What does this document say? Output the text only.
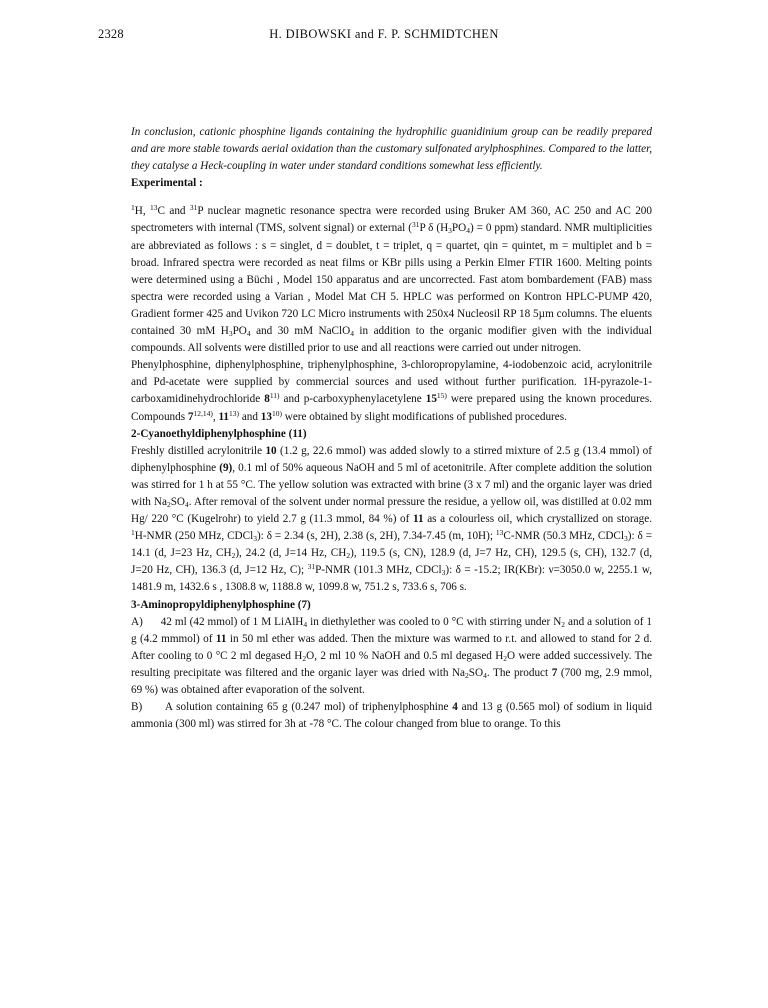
2328	H. DIBOWSKI and F. P. SCHMIDTCHEN

In conclusion, cationic phosphine ligands containing the hydrophilic guanidinium group can be readily prepared and are more stable towards aerial oxidation than the customary sulfonated arylphosphines. Compared to the latter, they catalyse a Heck-coupling in water under standard conditions somewhat less efficiently.

Experimental :

$^1$H, $^{13}$C and $^{31}$P nuclear magnetic resonance spectra were recorded using Bruker AM 360, AC 250 and AC 200 spectrometers with internal (TMS, solvent signal) or external ($^{31}$P δ $(H_3PO_4) = 0$ ppm) standard. NMR multiplicities are abbreviated as follows : s = singlet, d = doublet, t = triplet, q = quartet, qin = quintet, m = multiplet and b = broad. Infrared spectra were recorded as neat films or KBr pills using a Perkin Elmer FTIR 1600. Melting points were determined using a Büchi , Model 150 apparatus and are uncorrected. Fast atom bombardement (FAB) mass spectra were recorded using a Varian , Model Mat CH 5. HPLC was performed on Kontron HPLC-PUMP 420, Gradient former 425 and Uvikon 720 LC Micro instruments with 250x4 Nucleosil RP 18 5µm columns. The eluents contained 30 mM $H_3PO_4$ and 30 mM NaClO$_4$ in addition to the organic modifier given with the individual compounds. All solvents were distilled prior to use and all reactions were carried out under nitrogen.

Phenylphosphine, diphenylphosphine, triphenylphosphine, 3-chloropropylamine, 4-iodobenzoic acid, acrylonitrile and Pd-acetate were supplied by commercial sources and used without further purification. 1H-pyrazole-1-carboxamidinehydrochloride 8$^{11)}$ and p-carboxyphenylacetylene 15$^{15)}$ were prepared using the known procedures. Compounds 7$^{12,14)}$, 11$^{13)}$ and 13$^{10)}$ were obtained by slight modifications of published procedures.

2-Cyanoethyldiphenylphosphine (11)

Freshly distilled acrylonitrile 10 (1.2 g, 22.6 mmol) was added slowly to a stirred mixture of 2.5 g (13.4 mmol) of diphenylphosphine (9), 0.1 ml of 50% aqueous NaOH and 5 ml of acetonitrile. After complete addition the solution was stirred for 1 h at 55 °C. The yellow solution was extracted with brine (3 x 7 ml) and the organic layer was dried with $Na_2SO_4$. After removal of the solvent under normal pressure the residue, a yellow oil, was distilled at 0.02 mm Hg/ 220 °C (Kugelrohr) to yield 2.7 g (11.3 mmol, 84 %) of 11 as a colourless oil, which crystallized on storage. $^1$H-NMR (250 MHz, CDCl$_3$): δ = 2.34 (s, 2H), 2.38 (s, 2H), 7.34-7.45 (m, 10H); $^{13}$C-NMR (50.3 MHz, CDCl$_3$): δ = 14.1 (d, J=23 Hz, $CH_2$), 24.2 (d, J=14 Hz, $CH_2$), 119.5 (s, CN), 128.9 (d, J=7 Hz, CH), 129.5 (s, CH), 132.7 (d, J=20 Hz, CH), 136.3 (d, J=12 Hz, C); $^{31}$P-NMR (101.3 MHz, CDCl$_3$): δ = -15.2; IR(KBr): ν=3050.0 w, 2255.1 w, 1481.9 m, 1432.6 s , 1308.8 w, 1188.8 w, 1099.8 w, 751.2 s, 733.6 s, 706 s.

3-Aminopropyldiphenylphosphine (7)

A) 42 ml (42 mmol) of 1 M LiAlH$_4$ in diethylether was cooled to 0 °C with stirring under $N_2$ and a solution of 1 g (4.2 mmmol) of 11 in 50 ml ether was added. Then the mixture was warmed to r.t. and allowed to stand for 2 d. After cooling to 0 °C 2 ml degased $H_2O$, 2 ml 10 % NaOH and 0.5 ml degased $H_2O$ were added successively. The resulting precipitate was filtered and the organic layer was dried with $Na_2SO_4$. The product 7 (700 mg, 2.9 mmol, 69 %) was obtained after evaporation of the solvent.

B) A solution containing 65 g (0.247 mol) of triphenylphosphine 4 and 13 g (0.565 mol) of sodium in liquid ammonia (300 ml) was stirred for 3h at -78 °C. The colour changed from blue to orange. To this
